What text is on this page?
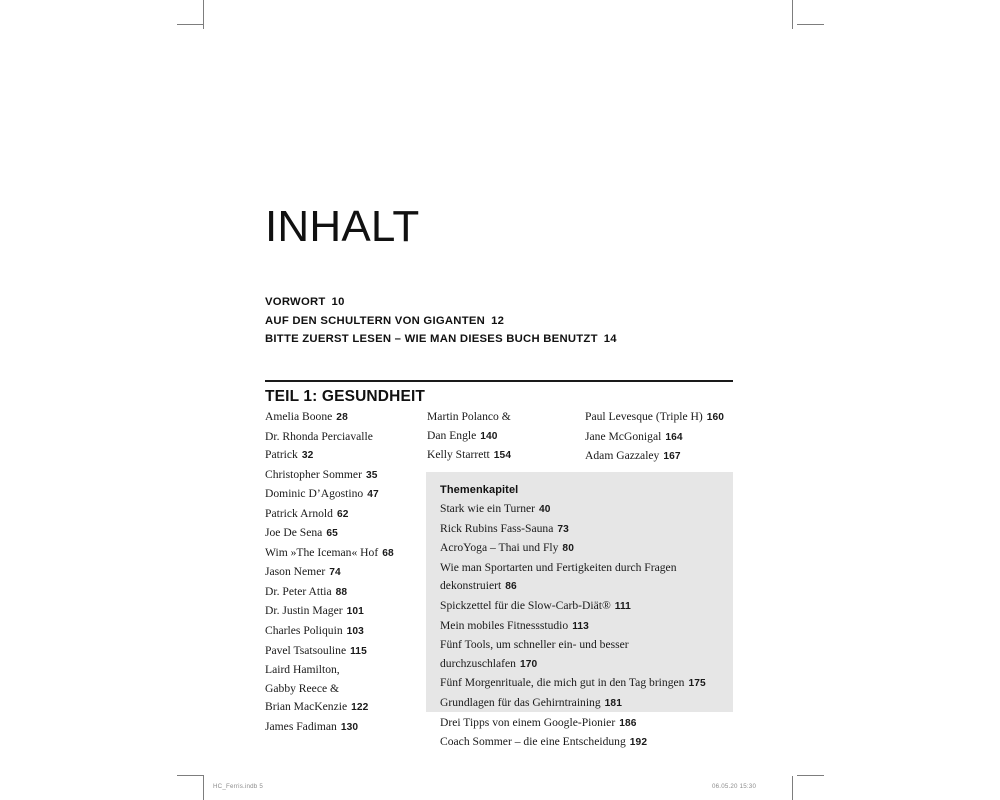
INHALT
VORWORT 10
AUF DEN SCHULTERN VON GIGANTEN 12
BITTE ZUERST LESEN – WIE MAN DIESES BUCH BENUTZT 14
TEIL 1: GESUNDHEIT
Amelia Boone 28
Dr. Rhonda Perciavalle
Patrick 32
Christopher Sommer 35
Dominic D’Agostino 47
Patrick Arnold 62
Joe De Sena 65
Wim »The Iceman« Hof 68
Jason Nemer 74
Dr. Peter Attia 88
Dr. Justin Mager 101
Charles Poliquin 103
Pavel Tsatsouline 115
Laird Hamilton,
Gabby Reece &
Brian MacKenzie 122
James Fadiman 130
Martin Polanco &
Dan Engle 140
Kelly Starrett 154
Paul Levesque (Triple H) 160
Jane McGonigal 164
Adam Gazzaley 167
Themenkapitel
Stark wie ein Turner 40
Rick Rubins Fass-Sauna 73
AcroYoga – Thai und Fly 80
Wie man Sportarten und Fertigkeiten durch Fragen dekonstruiert 86
Spickzettel für die Slow-Carb-Diät® 111
Mein mobiles Fitnessstudio 113
Fünf Tools, um schneller ein- und besser durchzuschlafen 170
Fünf Morgenrituale, die mich gut in den Tag bringen 175
Grundlagen für das Gehirntraining 181
Drei Tipps von einem Google-Pionier 186
Coach Sommer – die eine Entscheidung 192
HC_Ferris.indb 5	06.05.20 15:30
